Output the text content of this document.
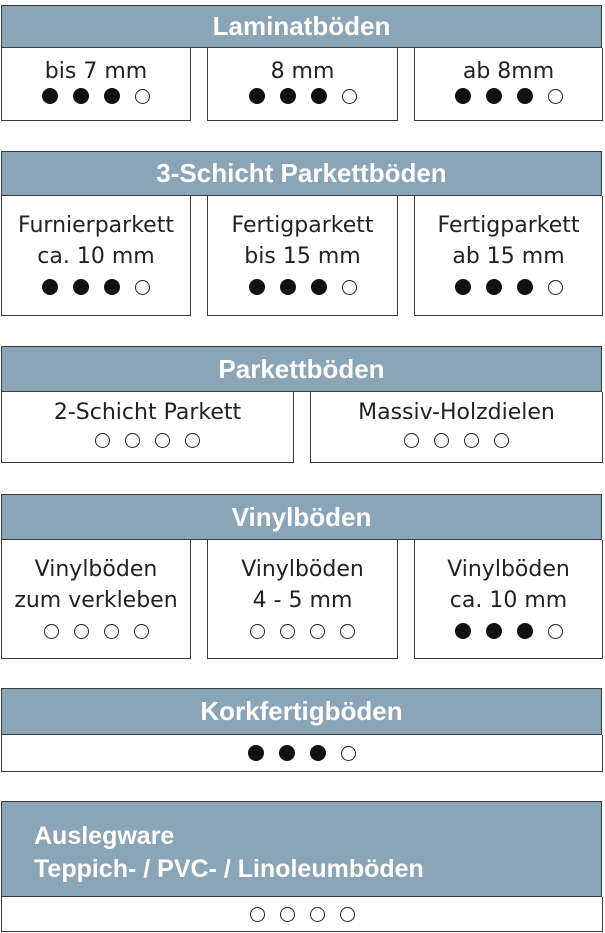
Laminatböden
bis 7 mm	8 mm	ab 8mm
3-Schicht Parkettböden
Furnierparkett
ca. 10 mm
Fertigparkett
bis 15 mm
Fertigparkett
ab 15 mm
Parkettböden
2-Schicht Parkett	Massiv-Holzdielen
Vinylböden
Vinylböden
zum verkleben
Vinylböden
4 - 5 mm
Vinylböden
ca. 10 mm
Korkfertigböden
Auslegware
Teppich- / PVC- / Linoleumböden
